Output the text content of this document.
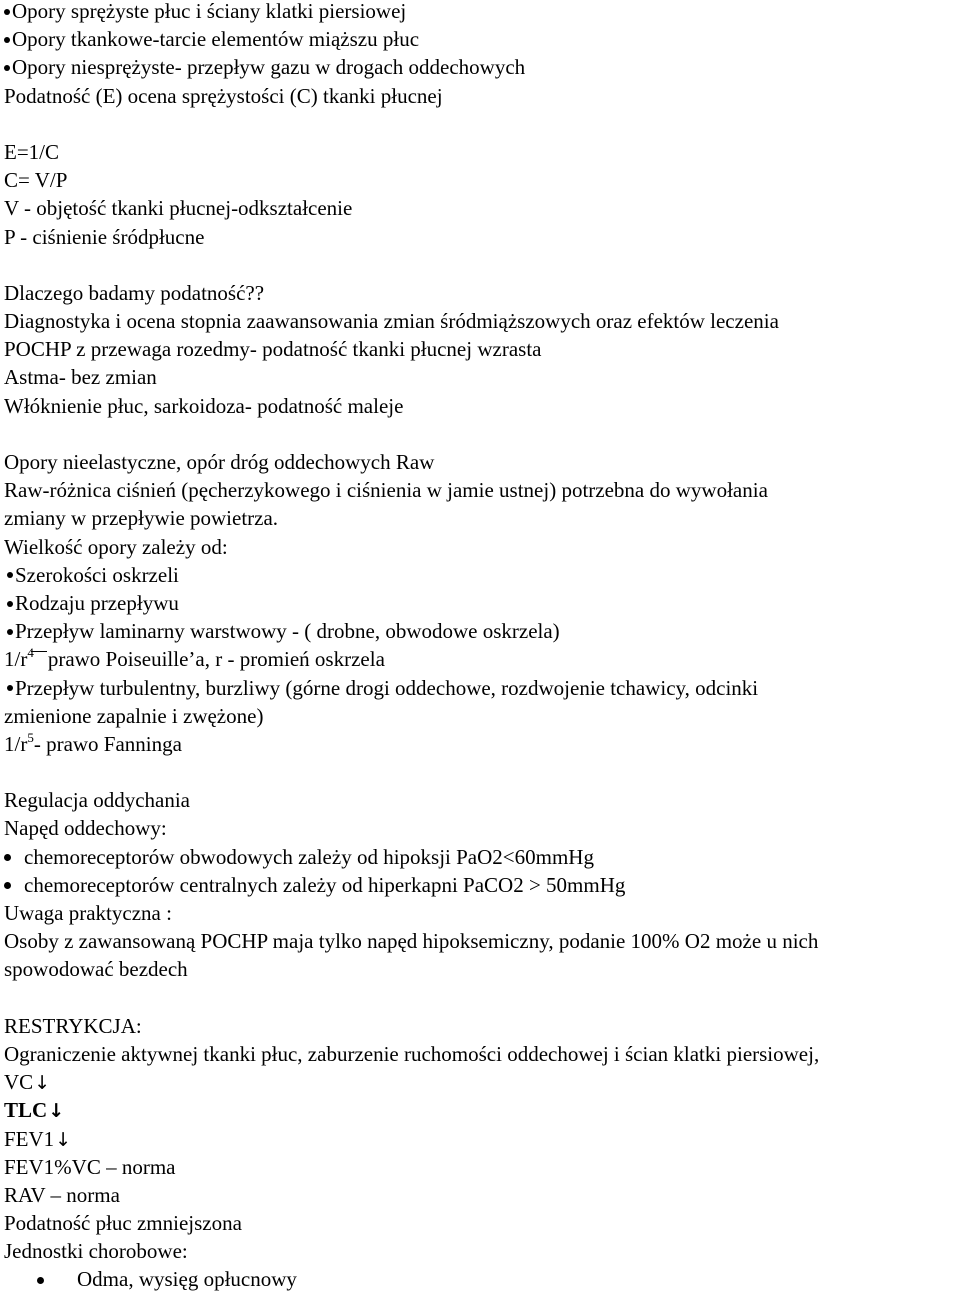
Opory sprężyste płuc i ściany klatki piersiowej
Opory tkankowe-tarcie elementów miąższu płuc
Opory niesprężyste- przepływ gazu w drogach oddechowych
Podatność (E) ocena sprężystości (C) tkanki płucnej
E=1/C
C= V/P
V - objętość tkanki płucnej-odkształcenie
P - ciśnienie śródpłucne
Dlaczego badamy podatność??
Diagnostyka i ocena stopnia zaawansowania zmian śródmiąższowych oraz efektów leczenia
POCHP z przewaga rozedmy- podatność tkanki płucnej wzrasta
Astma- bez zmian
Włóknienie płuc, sarkoidoza- podatność maleje
Opory nieelastyczne, opór dróg oddechowych Raw
Raw-różnica ciśnień (pęcherzykowego i ciśnienia w jamie ustnej) potrzebna do wywołania
zmiany w przepływie powietrza.
Wielkość opory zależy od:
Szerokości oskrzeli
Rodzaju przepływu
Przepływ laminarny warstwowy - ( drobne, obwodowe oskrzela)
$1/r^4$ prawo Poiseuille’a, r - promień oskrzela
Przepływ turbulentny, burzliwy (górne drogi oddechowe, rozdwojenie tchawicy, odcinki
zmienione zapalnie i zwężone)
$1/r^5-$ prawo Fanninga
Regulacja oddychania
Napęd oddechowy:
chemoreceptorów obwodowych zależy od hipoksji PaO2<60mmHg
chemoreceptorów centralnych zależy od hiperkapni PaCO2 > 50mmHg
Uwaga praktyczna :
Osoby z zawansowaną POCHP maja tylko napęd hipoksemiczny, podanie 100% O2 może u nich
spowodować bezdech
RESTRYKCJA:
Ograniczenie aktywnej tkanki płuc, zaburzenie ruchomości oddechowej i ścian klatki piersiowej,
VC↓
TLC↓
FEV1↓
FEV1%VC – norma
RAV – norma
Podatność płuc zmniejszona
Jednostki chorobowe:
Odma, wysięg opłucnowy
